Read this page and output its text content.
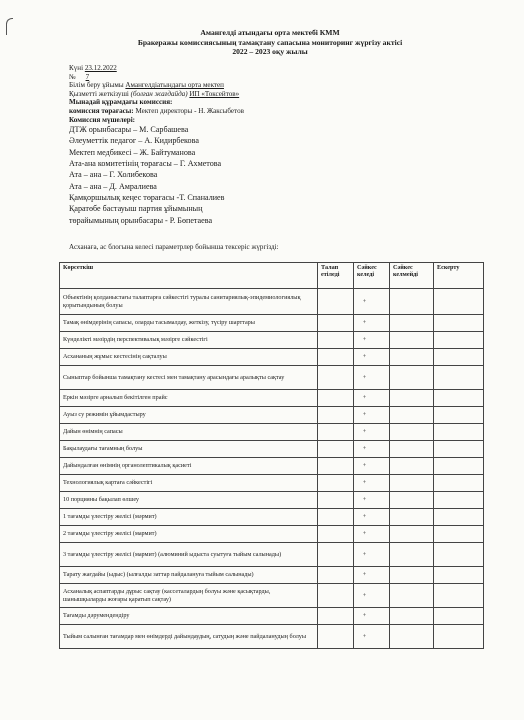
Амангелді атындағы орта мектебі КММ
Бракеражы комиссиясының тамақтану сапасына мониторинг жүргізу актісі
2022 – 2023 оқу жылы
Күні 23.12.2022
№ 7
Білім беру ұйымы Амангелдіатындағы орта мектеп
Қызметті жеткізуші (болған жағдайда) ИП «Токсейтов»
Мынадай құрамдағы комиссия:
комиссия төрағасы: Мектеп директоры - Н. Жаксыбетов
Комиссия мүшелері:
ДТЖ орынбасары – М. Сарбашева
Әлеуметтік педагог – А. Кидирбекова
Мектеп медбикесі – Ж. Байтуманова
Ата-ана комитетінің төрағасы – Г. Ахметова
Ата – ана – Г. Холибекова
Ата – ана – Д. Амралиева
Қамқоршылық кеңес төрағасы -Т. Спаналиев
Қаратөбе бастауыш партия ұйымының
төрайымының орынбасары - Р. Бөпетаева
Асханаға, ас блогына келесі параметрлер бойынша тексеріс жүргізді:
Көрсеткіш	Талап етіледі	Сәйкес келеді	Сәйкес келмейді	Ескерту
Объектінің қолданыстағы талаптарға сәйкестігі туралы санитариялық-эпидемиологиялық қорытындының болуы		+		
Тамақ өнімдерінің сапасы, оларды тасымалдау, жеткізу, түсіру шарттары		+		
Күнделікті мәзірдің перспективалық мәзірге сәйкестігі		+		
Асхананың жұмыс кестесінің сақталуы		+		
Сыныптар бойынша тамақтану кестесі мен тамақтану арасындағы аралықты сақтау		+		
Еркін мәзірге арналып бекітілген прайс		+		
Ауыз су режимін ұйымдастыру		+		
Дайын өнімнің сапасы		+		
Бақылаудағы тағамның болуы		+		
Дайындалған өнімнің органолептикалық қасиеті		+		
Технологиялық картаға сәйкестігі		+		
10 порцияны бақылап өлшеу		+		
1 тағамды үлестіру желісі (мәрмит)		+		
2 тағамды үлестіру желісі (мармит)		+		
3 тағамды үлестіру желісі (мармит) (алюминий ыдыста суытуға тыйым салынады)		+		
Тарату жағдайы (ыдыс) (ылғалды заттар пайдалануға тыйым салынады)		+		
Асханалық аспаптарды дұрыс сақтау (кассеталардың болуы және қасықтарды, шанышқыларды жоғары қаратып сақтау)		+		
Тағамды дәрумендендіру		+		
Тыйым салынған тағамдар мен өнімдерді дайындаудың, сатудың және пайдаланудың болуы		+		
